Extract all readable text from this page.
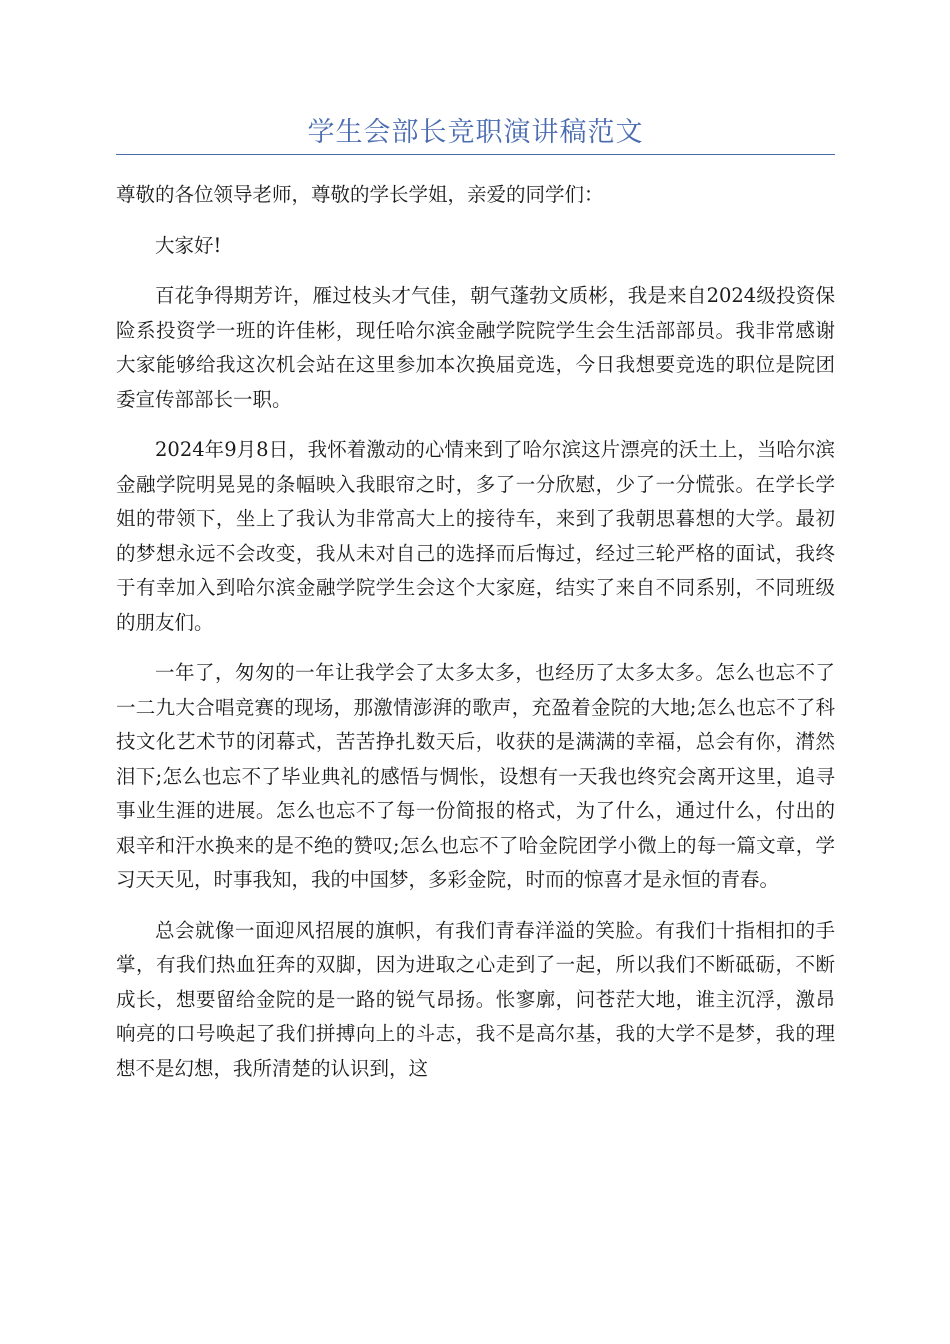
学生会部长竞职演讲稿范文

尊敬的各位领导老师，尊敬的学长学姐，亲爱的同学们：

大家好!

百花争得期芳许，雁过枝头才气佳，朝气蓬勃文质彬，我是来自2024级投资保险系投资学一班的许佳彬，现任哈尔滨金融学院院学生会生活部部员。我非常感谢大家能够给我这次机会站在这里参加本次换届竞选，今日我想要竞选的职位是院团委宣传部部长一职。

2024年9月8日，我怀着激动的心情来到了哈尔滨这片漂亮的沃土上，当哈尔滨金融学院明晃晃的条幅映入我眼帘之时，多了一分欣慰，少了一分慌张。在学长学姐的带领下，坐上了我认为非常高大上的接待车，来到了我朝思暮想的大学。最初的梦想永远不会改变，我从未对自己的选择而后悔过，经过三轮严格的面试，我终于有幸加入到哈尔滨金融学院学生会这个大家庭，结实了来自不同系别，不同班级的朋友们。

一年了，匆匆的一年让我学会了太多太多，也经历了太多太多。怎么也忘不了一二九大合唱竞赛的现场，那激情澎湃的歌声，充盈着金院的大地;怎么也忘不了科技文化艺术节的闭幕式，苦苦挣扎数天后，收获的是满满的幸福，总会有你，潸然泪下;怎么也忘不了毕业典礼的感悟与惆怅，设想有一天我也终究会离开这里，追寻事业生涯的进展。怎么也忘不了每一份简报的格式，为了什么，通过什么，付出的艰辛和汗水换来的是不绝的赞叹;怎么也忘不了哈金院团学小微上的每一篇文章，学习天天见，时事我知，我的中国梦，多彩金院，时而的惊喜才是永恒的青春。

总会就像一面迎风招展的旗帜，有我们青春洋溢的笑脸。有我们十指相扣的手掌，有我们热血狂奔的双脚，因为进取之心走到了一起，所以我们不断砥砺，不断成长，想要留给金院的是一路的锐气昂扬。怅寥廓，问苍茫大地，谁主沉浮，激昂响亮的口号唤起了我们拼搏向上的斗志，我不是高尔基，我的大学不是梦，我的理想不是幻想，我所清楚的认识到，这
